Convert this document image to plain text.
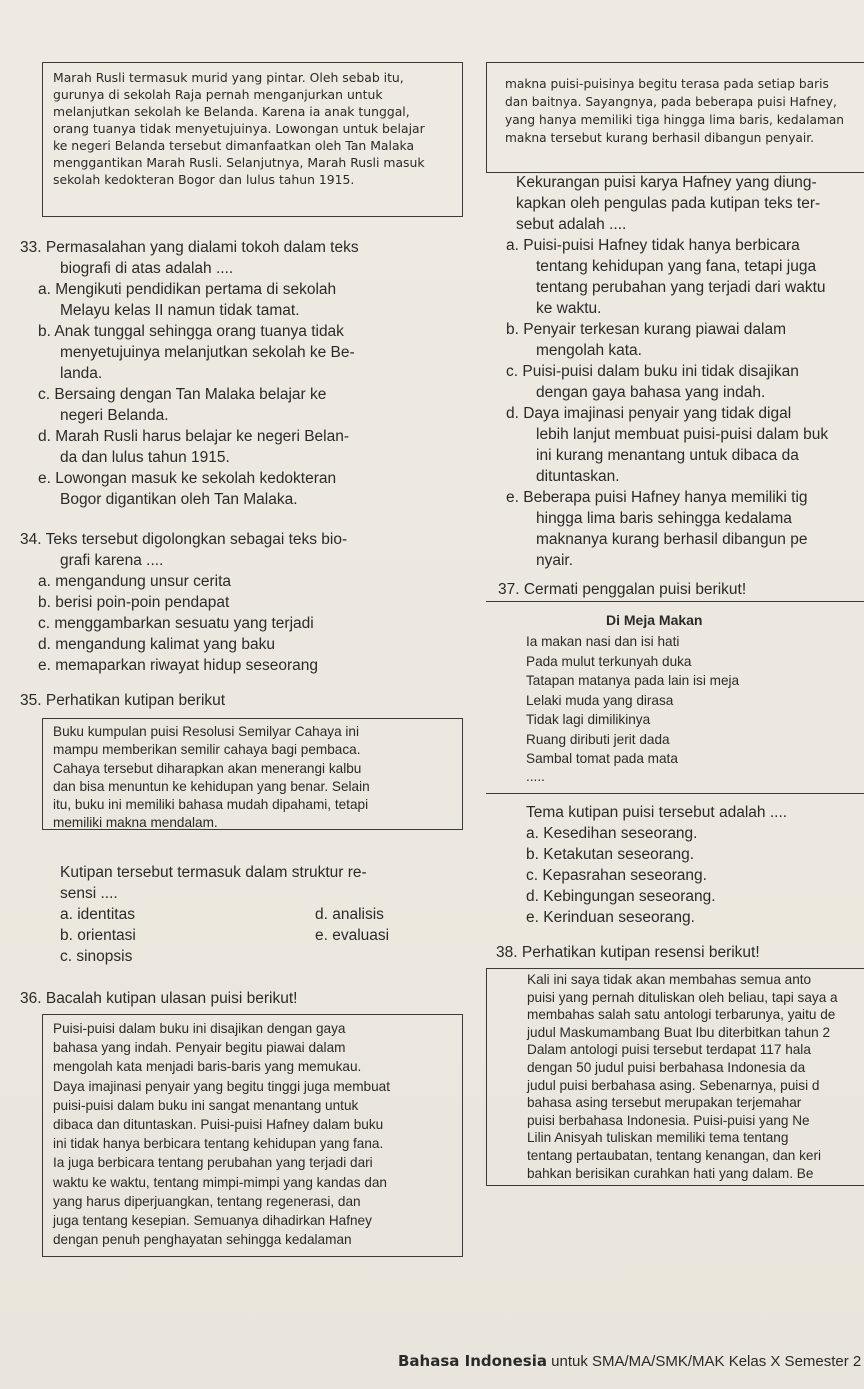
Marah Rusli termasuk murid yang pintar. Oleh sebab itu,

gurunya di sekolah Raja pernah menganjurkan untuk

melanjutkan sekolah ke Belanda. Karena ia anak tunggal,

orang tuanya tidak menyetujuinya. Lowongan untuk belajar

ke negeri Belanda tersebut dimanfaatkan oleh Tan Malaka

menggantikan Marah Rusli. Selanjutnya, Marah Rusli masuk

sekolah kedokteran Bogor dan lulus tahun 1915.

33. Permasalahan yang dialami tokoh dalam teks

biografi di atas adalah ....

a. Mengikuti pendidikan pertama di sekolah

Melayu kelas II namun tidak tamat.

b. Anak tunggal sehingga orang tuanya tidak

menyetujuinya melanjutkan sekolah ke Be-

landa.

c. Bersaing dengan Tan Malaka belajar ke

negeri Belanda.

d. Marah Rusli harus belajar ke negeri Belan-

da dan lulus tahun 1915.

e. Lowongan masuk ke sekolah kedokteran

Bogor digantikan oleh Tan Malaka.

34. Teks tersebut digolongkan sebagai teks bio-

grafi karena ....

a. mengandung unsur cerita

b. berisi poin-poin pendapat

c. menggambarkan sesuatu yang terjadi

d. mengandung kalimat yang baku

e. memaparkan riwayat hidup seseorang

35. Perhatikan kutipan berikut

Buku kumpulan puisi Resolusi Semilyar Cahaya ini

mampu memberikan semilir cahaya bagi pembaca.

Cahaya tersebut diharapkan akan menerangi kalbu

dan bisa menuntun ke kehidupan yang benar. Selain

itu, buku ini memiliki bahasa mudah dipahami, tetapi

memiliki makna mendalam.

Kutipan tersebut termasuk dalam struktur re-

sensi ....

a. identitas	d. analisis
b. orientasi	e. evaluasi

c. sinopsis

36. Bacalah kutipan ulasan puisi berikut!

Puisi-puisi dalam buku ini disajikan dengan gaya

bahasa yang indah. Penyair begitu piawai dalam

mengolah kata menjadi baris-baris yang memukau.

Daya imajinasi penyair yang begitu tinggi juga membuat

puisi-puisi dalam buku ini sangat menantang untuk

dibaca dan dituntaskan. Puisi-puisi Hafney dalam buku

ini tidak hanya berbicara tentang kehidupan yang fana.

Ia juga berbicara tentang perubahan yang terjadi dari

waktu ke waktu, tentang mimpi-mimpi yang kandas dan

yang harus diperjuangkan, tentang regenerasi, dan

juga tentang kesepian. Semuanya dihadirkan Hafney

dengan penuh penghayatan sehingga kedalaman

makna puisi-puisinya begitu terasa pada setiap baris

dan baitnya. Sayangnya, pada beberapa puisi Hafney,

yang hanya memiliki tiga hingga lima baris, kedalaman

makna tersebut kurang berhasil dibangun penyair.

Kekurangan puisi karya Hafney yang diung-

kapkan oleh pengulas pada kutipan teks ter-

sebut adalah ....

a. Puisi-puisi Hafney tidak hanya berbicara

tentang kehidupan yang fana, tetapi juga

tentang perubahan yang terjadi dari waktu

ke waktu.

b. Penyair terkesan kurang piawai dalam

mengolah kata.

c. Puisi-puisi dalam buku ini tidak disajikan

dengan gaya bahasa yang indah.

d. Daya imajinasi penyair yang tidak digal

lebih lanjut membuat puisi-puisi dalam buk

ini kurang menantang untuk dibaca da

dituntaskan.

e. Beberapa puisi Hafney hanya memiliki tig

hingga lima baris sehingga kedalama

maknanya kurang berhasil dibangun pe

nyair.

37. Cermati penggalan puisi berikut!

Di Meja Makan

Ia makan nasi dan isi hati

Pada mulut terkunyah duka

Tatapan matanya pada lain isi meja

Lelaki muda yang dirasa

Tidak lagi dimilikinya

Ruang diributi jerit dada

Sambal tomat pada mata

.....

Tema kutipan puisi tersebut adalah ....

a. Kesedihan seseorang.

b. Ketakutan seseorang.

c. Kepasrahan seseorang.

d. Kebingungan seseorang.

e. Kerinduan seseorang.

38. Perhatikan kutipan resensi berikut!

Kali ini saya tidak akan membahas semua anto

puisi yang pernah dituliskan oleh beliau, tapi saya a

membahas salah satu antologi terbarunya, yaitu de

judul Maskumambang Buat Ibu diterbitkan tahun 2

Dalam antologi puisi tersebut terdapat 117 hala

dengan 50 judul puisi berbahasa Indonesia da

judul puisi berbahasa asing. Sebenarnya, puisi d

bahasa asing tersebut merupakan terjemahar

puisi berbahasa Indonesia. Puisi-puisi yang Ne

Lilin Anisyah tuliskan memiliki tema tentang

tentang pertaubatan, tentang kenangan, dan keri

bahkan berisikan curahkan hati yang dalam. Be

Bahasa Indonesia untuk SMA/MA/SMK/MAK Kelas X Semester 2
